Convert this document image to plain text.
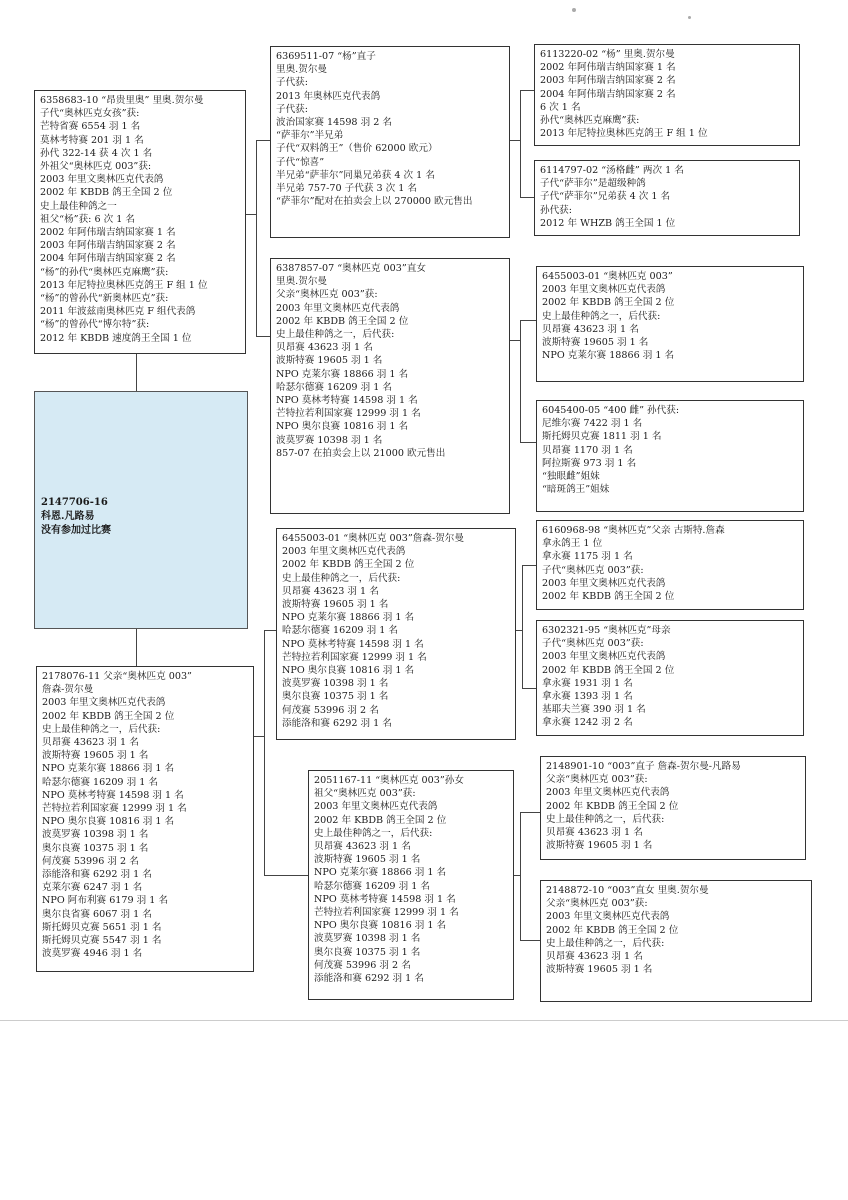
2147706-16
科恩.凡路易
没有参加过比赛
6358683-10 “昂贵里奥” 里奥.贺尔曼
子代“奥林匹克女孩”获:
芒特省赛 6554 羽 1 名
莫林考特赛 201 羽 1 名
孙代 322-14 获 4 次 1 名
外祖父“奥林匹克 003”获:
2003 年里文奥林匹克代表鸽
2002 年 KBDB 鸽王全国 2 位
史上最佳种鸽之一
祖父“杨”获: 6 次 1 名
2002 年阿伟瑞吉纳国家赛 1 名
2003 年阿伟瑞吉纳国家赛 2 名
2004 年阿伟瑞吉纳国家赛 2 名
“杨”的孙代“奥林匹克麻鹰”获:
2013 年尼特拉奥林匹克鸽王 F 组 1 位
“杨”的曾孙代“新奥林匹克”获:
2011 年波兹南奥林匹克 F 组代表鸽
“杨”的曾孙代“博尔特”获:
2012 年 KBDB 速度鸽王全国 1 位
2178076-11 父亲“奥林匹克 003”
詹森-贺尔曼
2003 年里文奥林匹克代表鸽
2002 年 KBDB 鸽王全国 2 位
史上最佳种鸽之一，后代获:
贝昂赛 43623 羽 1 名
波斯特赛 19605 羽 1 名
NPO 克莱尔赛 18866 羽 1 名
哈瑟尔德赛 16209 羽 1 名
NPO 莫林考特赛 14598 羽 1 名
芒特拉若利国家赛 12999 羽 1 名
NPO 奥尔良赛 10816 羽 1 名
波莫罗赛 10398 羽 1 名
奥尔良赛 10375 羽 1 名
何茂赛 53996 羽 2 名
添能洛和赛 6292 羽 1 名
克莱尔赛 6247 羽 1 名
NPO 阿布利赛 6179 羽 1 名
奥尔良省赛 6067 羽 1 名
斯托姆贝克赛 5651 羽 1 名
斯托姆贝克赛 5547 羽 1 名
波莫罗赛 4946 羽 1 名
6369511-07 “杨”直子
里奥.贺尔曼
子代获:
2013 年奥林匹克代表鸽
子代获:
波治国家赛 14598 羽 2 名
“萨菲尔”半兄弟
子代“双料鸽王”（售价 62000 欧元）
子代“惊喜”
半兄弟“萨菲尔”同巢兄弟获 4 次 1 名
半兄弟 757-70 子代获 3 次 1 名
“萨菲尔”配对在拍卖会上以 270000 欧元售出
6387857-07 “奥林匹克 003”直女
里奥.贺尔曼
父亲“奥林匹克 003”获:
2003 年里文奥林匹克代表鸽
2002 年 KBDB 鸽王全国 2 位
史上最佳种鸽之一，后代获:
贝昂赛 43623 羽 1 名
波斯特赛 19605 羽 1 名
NPO 克莱尔赛 18866 羽 1 名
哈瑟尔德赛 16209 羽 1 名
NPO 莫林考特赛 14598 羽 1 名
芒特拉若利国家赛 12999 羽 1 名
NPO 奥尔良赛 10816 羽 1 名
波莫罗赛 10398 羽 1 名
857-07 在拍卖会上以 21000 欧元售出
6455003-01 “奥林匹克 003”詹森-贺尔曼
2003 年里文奥林匹克代表鸽
2002 年 KBDB 鸽王全国 2 位
史上最佳种鸽之一，后代获:
贝昂赛 43623 羽 1 名
波斯特赛 19605 羽 1 名
NPO 克莱尔赛 18866 羽 1 名
哈瑟尔德赛 16209 羽 1 名
NPO 莫林考特赛 14598 羽 1 名
芒特拉若利国家赛 12999 羽 1 名
NPO 奥尔良赛 10816 羽 1 名
波莫罗赛 10398 羽 1 名
奥尔良赛 10375 羽 1 名
何茂赛 53996 羽 2 名
添能洛和赛 6292 羽 1 名
2051167-11 “奥林匹克 003”孙女
祖父“奥林匹克 003”获:
2003 年里文奥林匹克代表鸽
2002 年 KBDB 鸽王全国 2 位
史上最佳种鸽之一，后代获:
贝昂赛 43623 羽 1 名
波斯特赛 19605 羽 1 名
NPO 克莱尔赛 18866 羽 1 名
哈瑟尔德赛 16209 羽 1 名
NPO 莫林考特赛 14598 羽 1 名
芒特拉若利国家赛 12999 羽 1 名
NPO 奥尔良赛 10816 羽 1 名
波莫罗赛 10398 羽 1 名
奥尔良赛 10375 羽 1 名
何茂赛 53996 羽 2 名
添能洛和赛 6292 羽 1 名
6113220-02 “杨” 里奥.贺尔曼
2002 年阿伟瑞吉纳国家赛 1 名
2003 年阿伟瑞吉纳国家赛 2 名
2004 年阿伟瑞吉纳国家赛 2 名
6 次 1 名
孙代“奥林匹克麻鹰”获:
2013 年尼特拉奥林匹克鸽王 F 组 1 位
6114797-02 “汤格雌” 两次 1 名
子代“萨菲尔”是超级种鸽
子代“萨菲尔”兄弟获 4 次 1 名
孙代获:
2012 年 WHZB 鸽王全国 1 位
6455003-01 “奥林匹克 003”
2003 年里文奥林匹克代表鸽
2002 年 KBDB 鸽王全国 2 位
史上最佳种鸽之一，后代获:
贝昂赛 43623 羽 1 名
波斯特赛 19605 羽 1 名
NPO 克莱尔赛 18866 羽 1 名
6045400-05 “400 雌” 孙代获:
尼维尔赛 7422 羽 1 名
斯托姆贝克赛 1811 羽 1 名
贝昂赛 1170 羽 1 名
阿拉斯赛 973 羽 1 名
“独眼雌”姐妹
“暗斑鸽王”姐妹
6160968-98 “奥林匹克”父亲 古斯特.詹森
拿永鸽王 1 位
拿永赛 1175 羽 1 名
子代“奥林匹克 003”获:
2003 年里文奥林匹克代表鸽
2002 年 KBDB 鸽王全国 2 位
6302321-95 “奥林匹克”母亲
子代“奥林匹克 003”获:
2003 年里文奥林匹克代表鸽
2002 年 KBDB 鸽王全国 2 位
拿永赛 1931 羽 1 名
拿永赛 1393 羽 1 名
基耶夫兰赛 390 羽 1 名
拿永赛 1242 羽 2 名
2148901-10 “003”直子 詹森-贺尔曼-凡路易
父亲“奥林匹克 003”获:
2003 年里文奥林匹克代表鸽
2002 年 KBDB 鸽王全国 2 位
史上最佳种鸽之一，后代获:
贝昂赛 43623 羽 1 名
波斯特赛 19605 羽 1 名
2148872-10 “003”直女 里奥.贺尔曼
父亲“奥林匹克 003”获:
2003 年里文奥林匹克代表鸽
2002 年 KBDB 鸽王全国 2 位
史上最佳种鸽之一，后代获:
贝昂赛 43623 羽 1 名
波斯特赛 19605 羽 1 名
